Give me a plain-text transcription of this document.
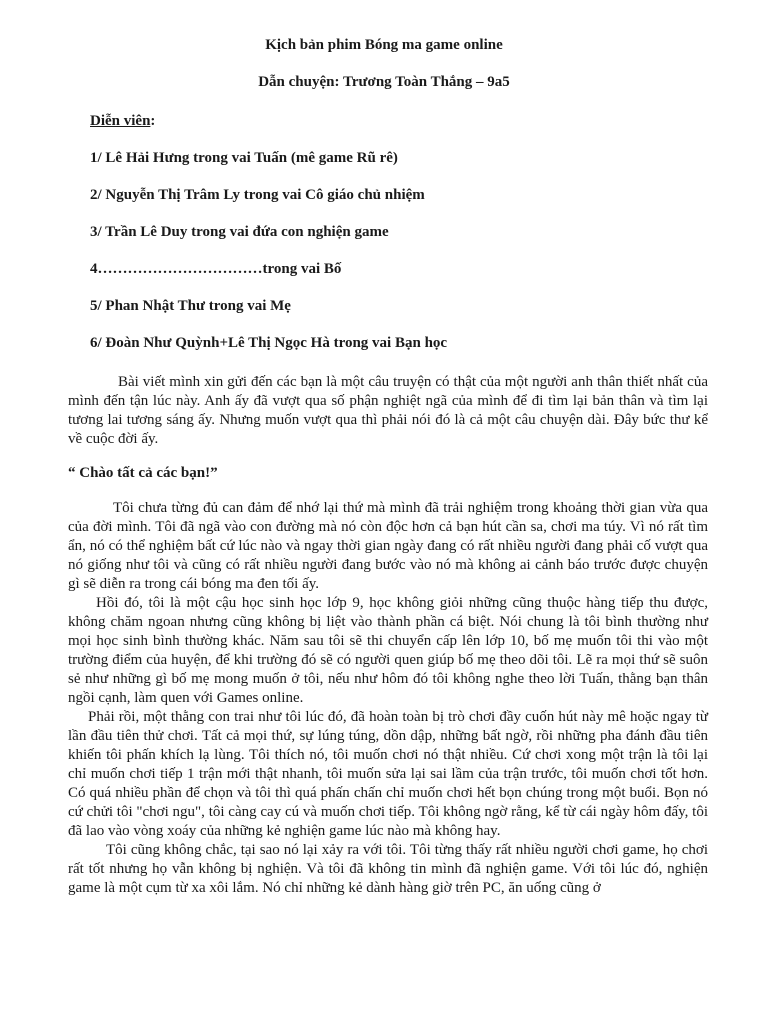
Kịch bản phim Bóng ma game online

Dẫn chuyện: Trương Toàn Thắng – 9a5

Diễn viên:

1/ Lê Hải Hưng trong vai Tuấn (mê game Rũ rê)
2/ Nguyễn Thị Trâm Ly trong vai Cô giáo chủ nhiệm
3/ Trần Lê Duy trong vai đứa con nghiện game
4……………………………trong vai Bố
5/ Phan Nhật Thư trong vai Mẹ
6/ Đoàn Như Quỳnh+Lê Thị Ngọc Hà trong vai Bạn học

Bài viết mình xin gửi đến các bạn là một câu truyện có thật của một người anh thân thiết nhất của mình đến tận lúc này. Anh ấy đã vượt qua số phận nghiệt ngã của mình để đi tìm lại bản thân và tìm lại tương lai tương sáng ấy. Nhưng muốn vượt qua thì phải nói đó là cả một câu chuyện dài. Đây bức thư kể về cuộc đời ấy.

“ Chào tất cả các bạn!”

Tôi chưa từng đủ can đảm để nhớ lại thứ mà mình đã trải nghiệm trong khoảng thời gian vừa qua của đời mình. Tôi đã ngã vào con đường mà nó còn độc hơn cả bạn hút cần sa, chơi ma túy. Vì nó rất tìm ẩn, nó có thể nghiệm bất cứ lúc nào và ngay thời gian ngày đang có rất nhiều người đang phải cố vượt qua nó giống như tôi và cũng có rất nhiều người đang bước vào nó mà không ai cảnh báo trước được chuyện gì sẽ diễn ra trong cái bóng ma đen tối ấy.

Hồi đó, tôi là một cậu học sinh học lớp 9, học không giỏi những cũng thuộc hàng tiếp thu được, không chăm ngoan nhưng cũng không bị liệt vào thành phần cá biệt. Nói chung là tôi bình thường như mọi học sinh bình thường khác. Năm sau tôi sẽ thi chuyển cấp lên lớp 10, bố mẹ muốn tôi thi vào một trường điểm của huyện, để khi trường đó sẽ có người quen giúp bố mẹ theo dõi tôi. Lẽ ra mọi thứ sẽ suôn sẻ như những gì bố mẹ mong muốn ở tôi, nếu như hôm đó tôi không nghe theo lời Tuấn, thằng bạn thân ngồi cạnh, làm quen với Games online.

Phải rồi, một thằng con trai như tôi lúc đó, đã hoàn toàn bị trò chơi đầy cuốn hút này mê hoặc ngay từ lần đầu tiên thử chơi. Tất cả mọi thứ, sự lúng túng, dồn dập, những bất ngờ, rồi những pha đánh đầu tiên khiến tôi phấn khích lạ lùng. Tôi thích nó, tôi muốn chơi nó thật nhiều. Cứ chơi xong một trận là tôi lại chỉ muốn chơi tiếp 1 trận mới thật nhanh, tôi muốn sửa lại sai lầm của trận trước, tôi muốn chơi tốt hơn. Có quá nhiều phần để chọn và tôi thì quá phấn chấn chỉ muốn chơi hết bọn chúng trong một buổi. Bọn nó cứ chửi tôi "chơi ngu", tôi càng cay cú và muốn chơi tiếp. Tôi không ngờ rằng, kể từ cái ngày hôm đấy, tôi đã lao vào vòng xoáy của những kẻ nghiện game lúc nào mà không hay.

Tôi cũng không chắc, tại sao nó lại xảy ra với tôi. Tôi từng thấy rất nhiều người chơi game, họ chơi rất tốt nhưng họ vẫn không bị nghiện. Và tôi đã không tin mình đã nghiện game. Với tôi lúc đó, nghiện game là một cụm từ xa xôi lắm. Nó chỉ những kẻ dành hàng giờ trên PC, ăn uống cũng ở
